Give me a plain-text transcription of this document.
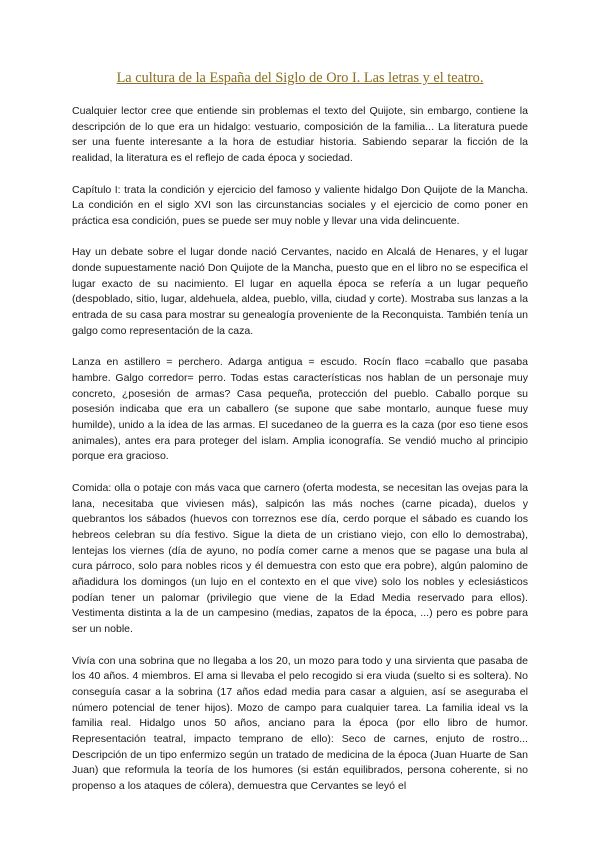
La cultura de la España del Siglo de Oro I. Las letras y el teatro.

Cualquier lector cree que entiende sin problemas el texto del Quijote, sin embargo, contiene la descripción de lo que era un hidalgo: vestuario, composición de la familia... La literatura puede ser una fuente interesante a la hora de estudiar historia. Sabiendo separar la ficción de la realidad, la literatura es el reflejo de cada época y sociedad.

Capítulo I: trata la condición y ejercicio del famoso y valiente hidalgo Don Quijote de la Mancha. La condición en el siglo XVI son las circunstancias sociales y el ejercicio de como poner en práctica esa condición, pues se puede ser muy noble y llevar una vida delincuente.

Hay un debate sobre el lugar donde nació Cervantes, nacido en Alcalá de Henares, y el lugar donde supuestamente nació Don Quijote de la Mancha, puesto que en el libro no se especifica el lugar exacto de su nacimiento. El lugar en aquella época se refería a un lugar pequeño (despoblado, sitio, lugar, aldehuela, aldea, pueblo, villa, ciudad y corte). Mostraba sus lanzas a la entrada de su casa para mostrar su genealogía proveniente de la Reconquista. También tenía un galgo como representación de la caza.

Lanza en astillero = perchero. Adarga antigua = escudo. Rocín flaco =caballo que pasaba hambre. Galgo corredor= perro. Todas estas características nos hablan de un personaje muy concreto, ¿posesión de armas? Casa pequeña, protección del pueblo. Caballo porque su posesión indicaba que era un caballero (se supone que sabe montarlo, aunque fuese muy humilde), unido a la idea de las armas. El sucedaneo de la guerra es la caza (por eso tiene esos animales), antes era para proteger del islam. Amplia iconografía. Se vendió mucho al principio porque era gracioso.

Comida: olla o potaje con más vaca que carnero (oferta modesta, se necesitan las ovejas para la lana, necesitaba que viviesen más), salpicón las más noches (carne picada), duelos y quebrantos los sábados (huevos con torreznos ese día, cerdo porque el sábado es cuando los hebreos celebran su día festivo. Sigue la dieta de un cristiano viejo, con ello lo demostraba), lentejas los viernes (día de ayuno, no podía comer carne a menos que se pagase una bula al cura párroco, solo para nobles ricos y él demuestra con esto que era pobre), algún palomino de añadidura los domingos (un lujo en el contexto en el que vive) solo los nobles y eclesiásticos podían tener un palomar (privilegio que viene de la Edad Media reservado para ellos). Vestimenta distinta a la de un campesino (medias, zapatos de la época, ...) pero es pobre para ser un noble.

Vivía con una sobrina que no llegaba a los 20, un mozo para todo y una sirvienta que pasaba de los 40 años. 4 miembros. El ama si llevaba el pelo recogido si era viuda (suelto si es soltera). No conseguía casar a la sobrina (17 años edad media para casar a alguien, así se aseguraba el número potencial de tener hijos). Mozo de campo para cualquier tarea. La familia ideal vs la familia real. Hidalgo unos 50 años, anciano para la época (por ello libro de humor. Representación teatral, impacto temprano de ello): Seco de carnes, enjuto de rostro... Descripción de un tipo enfermizo según un tratado de medicina de la época (Juan Huarte de San Juan) que reformula la teoría de los humores (si están equilibrados, persona coherente, si no propenso a los ataques de cólera), demuestra que Cervantes se leyó el
